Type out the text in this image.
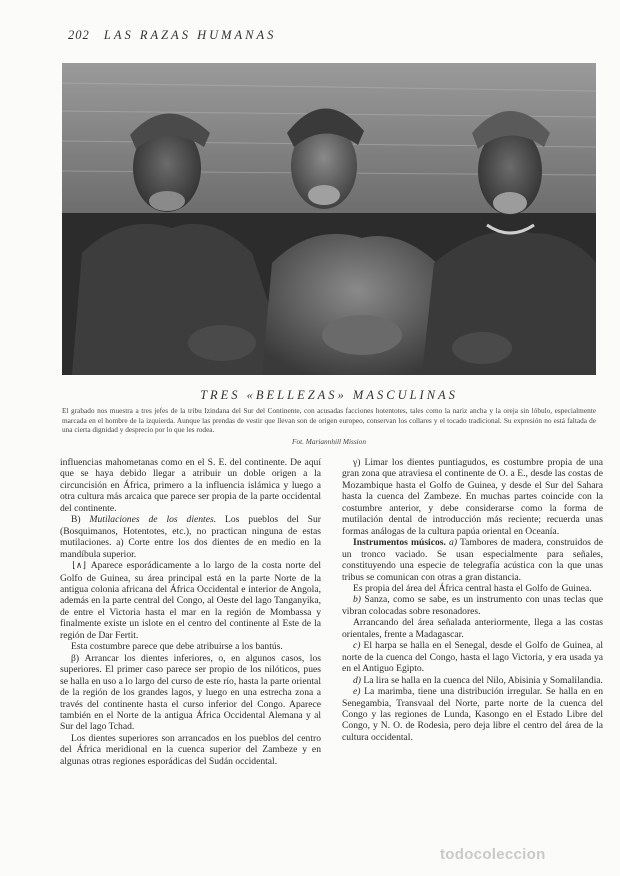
202 LAS RAZAS HUMANAS
TRES «BELLEZAS» MASCULINAS
El grabado nos muestra a tres jefes de la tribu Izindana del Sur del Continente, con acusadas facciones hotentotes, tales como la nariz ancha y la oreja sin lóbulo, especialmente marcada en el hombre de la izquierda. Aunque las prendas de vestir que llevan son de origen europeo, conservan los collares y el tocado tradicional. Su expresión no está faltada de una cierta dignidad y desprecio por lo que les rodea.
Fot. Mariannhill Mission

influencias mahometanas como en el S. E. del continente. De aquí que se haya debido llegar a atribuir un doble origen a la circuncisión en África, primero a la influencia islámica y luego a otra cultura más arcaica que parece ser propia de la parte occidental del continente.

B) Mutilaciones de los dientes. Los pueblos del Sur (Bosquimanos, Hotentotes, etc.), no practican ninguna de estas mutilaciones. a) Corte entre los dos dientes de en medio en la mandíbula superior.

⌊∧⌋ Aparece esporádicamente a lo largo de la costa norte del Golfo de Guinea, su área principal está en la parte Norte de la antigua colonia africana del África Occidental e interior de Angola, además en la parte central del Congo, al Oeste del lago Tanganyika, de entre el Victoria hasta el mar en la región de Mombassa y finalmente existe un islote en el centro del continente al Este de la región de Dar Fertit.

Esta costumbre parece que debe atribuirse a los bantús.

β) Arrancar los dientes inferiores, o, en algunos casos, los superiores. El primer caso parece ser propio de los nilóticos, pues se halla en uso a lo largo del curso de este río, hasta la parte oriental de la región de los grandes lagos, y luego en una estrecha zona a través del continente hasta el curso inferior del Congo. Aparece también en el Norte de la antigua África Occidental Alemana y al Sur del lago Tchad.

Los dientes superiores son arrancados en los pueblos del centro del África meridional en la cuenca superior del Zambeze y en algunas otras regiones esporádicas del Sudán occidental.

γ) Limar los dientes puntiagudos, es costumbre propia de una gran zona que atraviesa el continente de O. a E., desde las costas de Mozambique hasta el Golfo de Guinea, y desde el Sur del Sahara hasta la cuenca del Zambeze. En muchas partes coincide con la costumbre anterior, y debe considerarse como la forma de mutilación dental de introducción más reciente; recuerda unas formas análogas de la cultura papúa oriental en Oceanía.

Instrumentos músicos. a) Tambores de madera, construidos de un tronco vaciado. Se usan especialmente para señales, constituyendo una especie de telegrafía acústica con la que unas tribus se comunican con otras a gran distancia.

Es propia del área del África central hasta el Golfo de Guinea.

b) Sanza, como se sabe, es un instrumento con unas teclas que vibran colocadas sobre resonadores.

Arrancando del área señalada anteriormente, llega a las costas orientales, frente a Madagascar.

c) El harpa se halla en el Senegal, desde el Golfo de Guinea, al norte de la cuenca del Congo, hasta el lago Victoria, y era usada ya en el Antiguo Egipto.

d) La lira se halla en la cuenca del Nilo, Abisinia y Somalilandia.

e) La marimba, tiene una distribución irregular. Se halla en en Senegambia, Transvaal del Norte, parte norte de la cuenca del Congo y las regiones de Lunda, Kasongo en el Estado Libre del Congo, y N. O. de Rodesia, pero deja libre el centro del área de la cultura occidental.

todocoleccion
